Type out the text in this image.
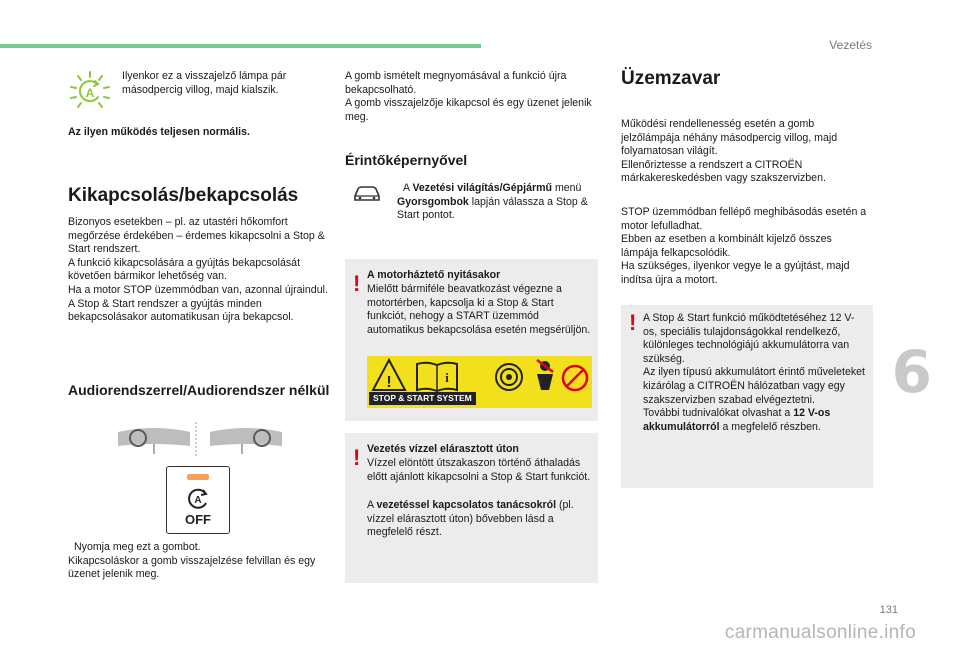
Vezetés
A

Ilyenkor ez a visszajelző lámpa pár másodpercig villog, majd kialszik.

Az ilyen működés teljesen normális.

Kikapcsolás/bekapcsolás

Bizonyos esetekben – pl. az utastéri hőkomfort megőrzése érdekében – érdemes kikapcsolni a Stop & Start rendszert.
A funkció kikapcsolására a gyújtás bekapcsolását követően bármikor lehetőség van.
Ha a motor STOP üzemmódban van, azonnal újraindul.
A Stop & Start rendszer a gyújtás minden bekapcsolásakor automatikusan újra bekapcsol.

Audiorendszerrel/Audiorendszer nélkül
A
OFF

Nyomja meg ezt a gombot.
Kikapcsoláskor a gomb visszajelzése felvillan és egy üzenet jelenik meg.

A gomb ismételt megnyomásával a funkció újra bekapcsolható.
A gomb visszajelzője kikapcsol és egy üzenet jelenik meg.

Érintőképernyővel

A Vezetési világítás/Gépjármű menü Gyorsgombok lapján válassza a Stop & Start pontot.

! A motorháztető nyitásakor

Mielőtt bármiféle beavatkozást végezne a motortérben, kapcsolja ki a Stop & Start funkciót, nehogy a START üzemmód automatikus bekapcsolása esetén megsérüljön.

!	i
STOP & START SYSTEM
! Vezetés vízzel elárasztott úton

Vízzel elöntött útszakaszon történő áthaladás előtt ajánlott kikapcsolni a Stop & Start funkciót.

A vezetéssel kapcsolatos tanácsokról (pl. vízzel elárasztott úton) bővebben lásd a megfelelő részt.

Üzemzavar

Működési rendellenesség esetén a gomb jelzőlámpája néhány másodpercig villog, majd folyamatosan világít.
Ellenőriztesse a rendszert a CITROËN márkakereskedésben vagy szakszervizben.

STOP üzemmódban fellépő meghibásodás esetén a motor lefulladhat.
Ebben az esetben a kombinált kijelző összes lámpája felkapcsolódik.
Ha szükséges, ilyenkor vegye le a gyújtást, majd indítsa újra a motort.

! A Stop & Start funkció működtetéséhez 12 V-os, speciális tulajdonságokkal rendelkező, különleges technológiájú akkumulátorra van szükség.
Az ilyen típusú akkumulátort érintő műveleteket kizárólag a CITROËN hálózatban vagy egy szakszervizben szabad elvégeztetni.
További tudnivalókat olvashat a 12 V-os akkumulátorról a megfelelő részben.

6
131
carmanualsonline.info
